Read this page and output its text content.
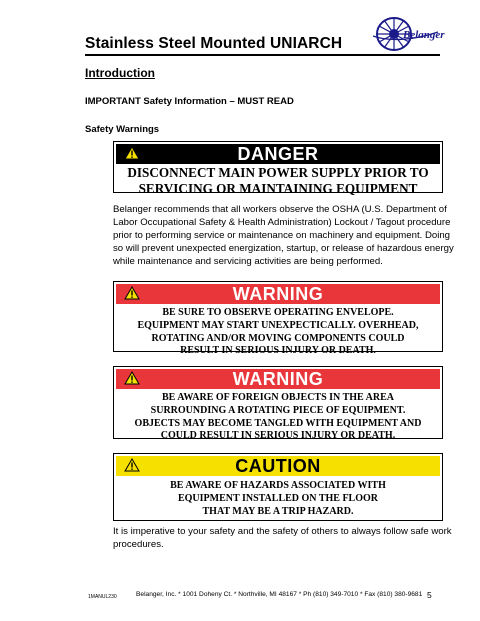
Stainless Steel Mounted UNIARCH	Belanger
Introduction
IMPORTANT Safety Information – MUST READ
Safety Warnings
DANGER
DISCONNECT MAIN POWER SUPPLY PRIOR TO
SERVICING OR MAINTAINING EQUIPMENT
Belanger recommends that all workers observe the OSHA (U.S. Department of
Labor Occupational Safety & Health Administration) Lockout / Tagout procedure
prior to performing service or maintenance on machinery and equipment. Doing
so will prevent unexpected energization, startup, or release of hazardous energy
while maintenance and servicing activities are being performed.
WARNING
BE SURE TO OBSERVE OPERATING ENVELOPE.
EQUIPMENT MAY START UNEXPECTICALLY. OVERHEAD,
ROTATING AND/OR MOVING COMPONENTS COULD
RESULT IN SERIOUS INJURY OR DEATH.
WARNING
BE AWARE OF FOREIGN OBJECTS IN THE AREA
SURROUNDING A ROTATING PIECE OF EQUIPMENT.
OBJECTS MAY BECOME TANGLED WITH EQUIPMENT AND
COULD RESULT IN SERIOUS INJURY OR DEATH.
CAUTION
BE AWARE OF HAZARDS ASSOCIATED WITH
EQUIPMENT INSTALLED ON THE FLOOR
THAT MAY BE A TRIP HAZARD.
It is imperative to your safety and the safety of others to always follow safe work
procedures.
1MANUL230	Belanger, Inc. * 1001 Doheny Ct. * Northville, MI 48167 * Ph (810) 349-7010 * Fax (810) 380-9681 5
